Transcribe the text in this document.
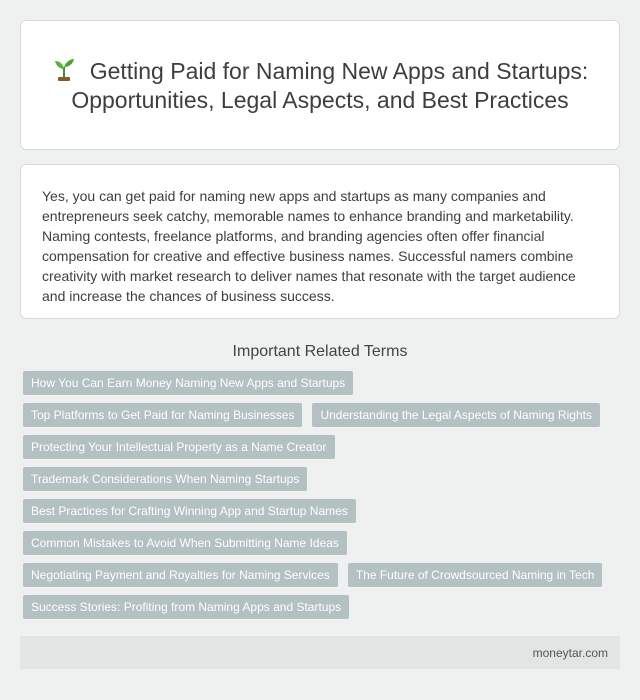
Getting Paid for Naming New Apps and Startups: Opportunities, Legal Aspects, and Best Practices

Yes, you can get paid for naming new apps and startups as many companies and entrepreneurs seek catchy, memorable names to enhance branding and marketability. Naming contests, freelance platforms, and branding agencies often offer financial compensation for creative and effective business names. Successful namers combine creativity with market research to deliver names that resonate with the target audience and increase the chances of business success.

Important Related Terms
How You Can Earn Money Naming New Apps and Startups
Top Platforms to Get Paid for Naming Businesses	Understanding the Legal Aspects of Naming Rights
Protecting Your Intellectual Property as a Name Creator
Trademark Considerations When Naming Startups
Best Practices for Crafting Winning App and Startup Names
Common Mistakes to Avoid When Submitting Name Ideas
Negotiating Payment and Royalties for Naming Services	The Future of Crowdsourced Naming in Tech
Success Stories: Profiting from Naming Apps and Startups
moneytar.com
